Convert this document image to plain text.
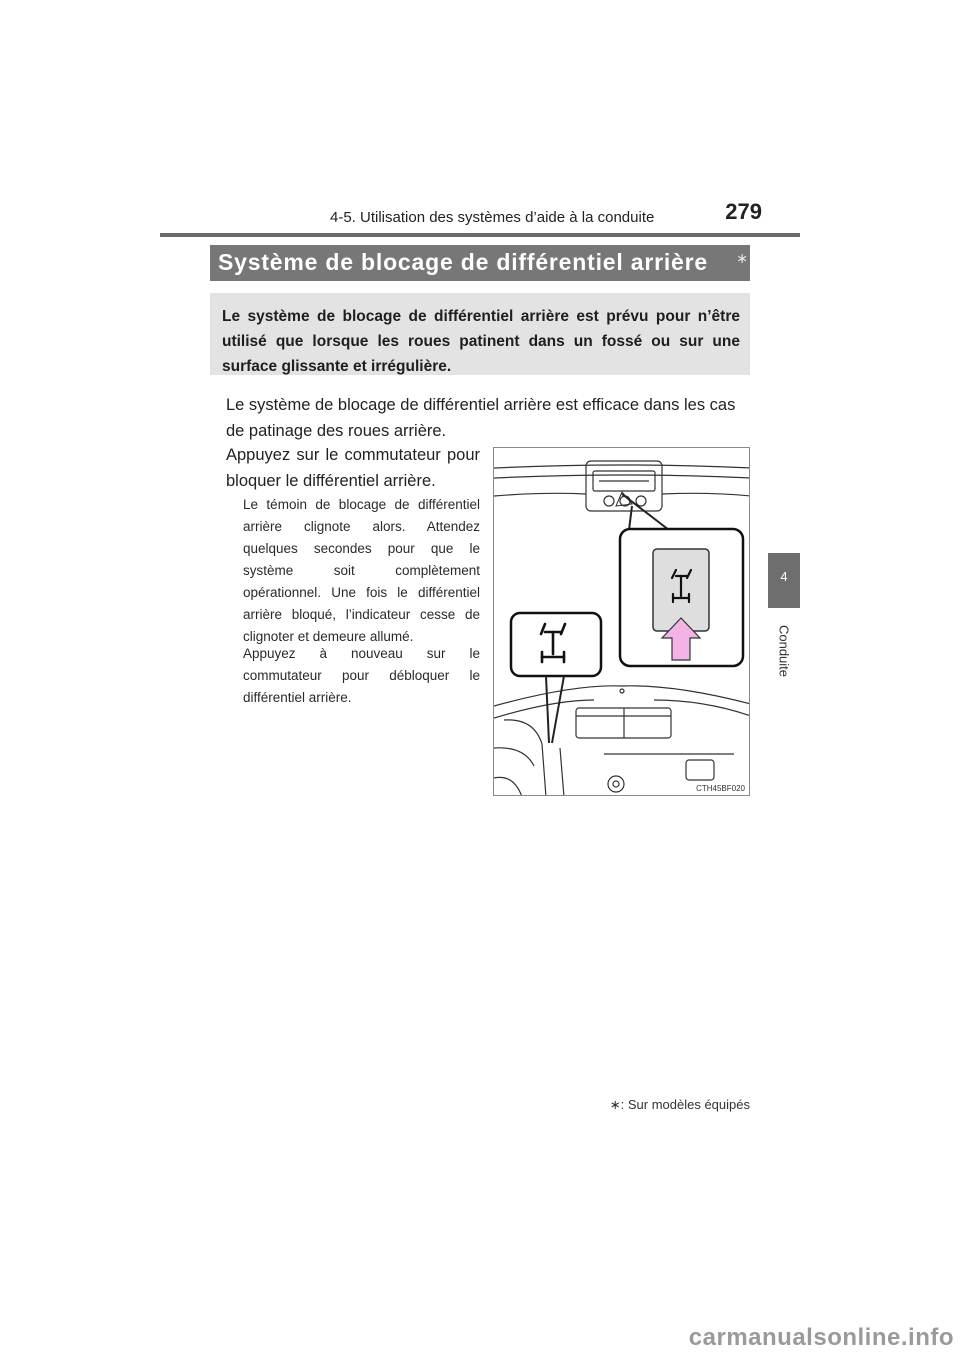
4-5. Utilisation des systèmes d’aide à la conduite	279
Système de blocage de différentiel arrière ∗
Le système de blocage de différentiel arrière est prévu pour n’être utilisé que lorsque les roues patinent dans un fossé ou sur une surface glissante et irrégulière.
Le système de blocage de différentiel arrière est efficace dans les cas de patinage des roues arrière.
Appuyez sur le commutateur pour bloquer le différentiel arrière.
Le témoin de blocage de différentiel arrière clignote alors. Attendez quelques secondes pour que le système soit complètement opérationnel. Une fois le différentiel arrière bloqué, l’indicateur cesse de clignoter et demeure allumé.
Appuyez à nouveau sur le commutateur pour débloquer le différentiel arrière.
CTH45BF020
∗: Sur modèles équipés
4
Conduite
carmanualsonline.info
